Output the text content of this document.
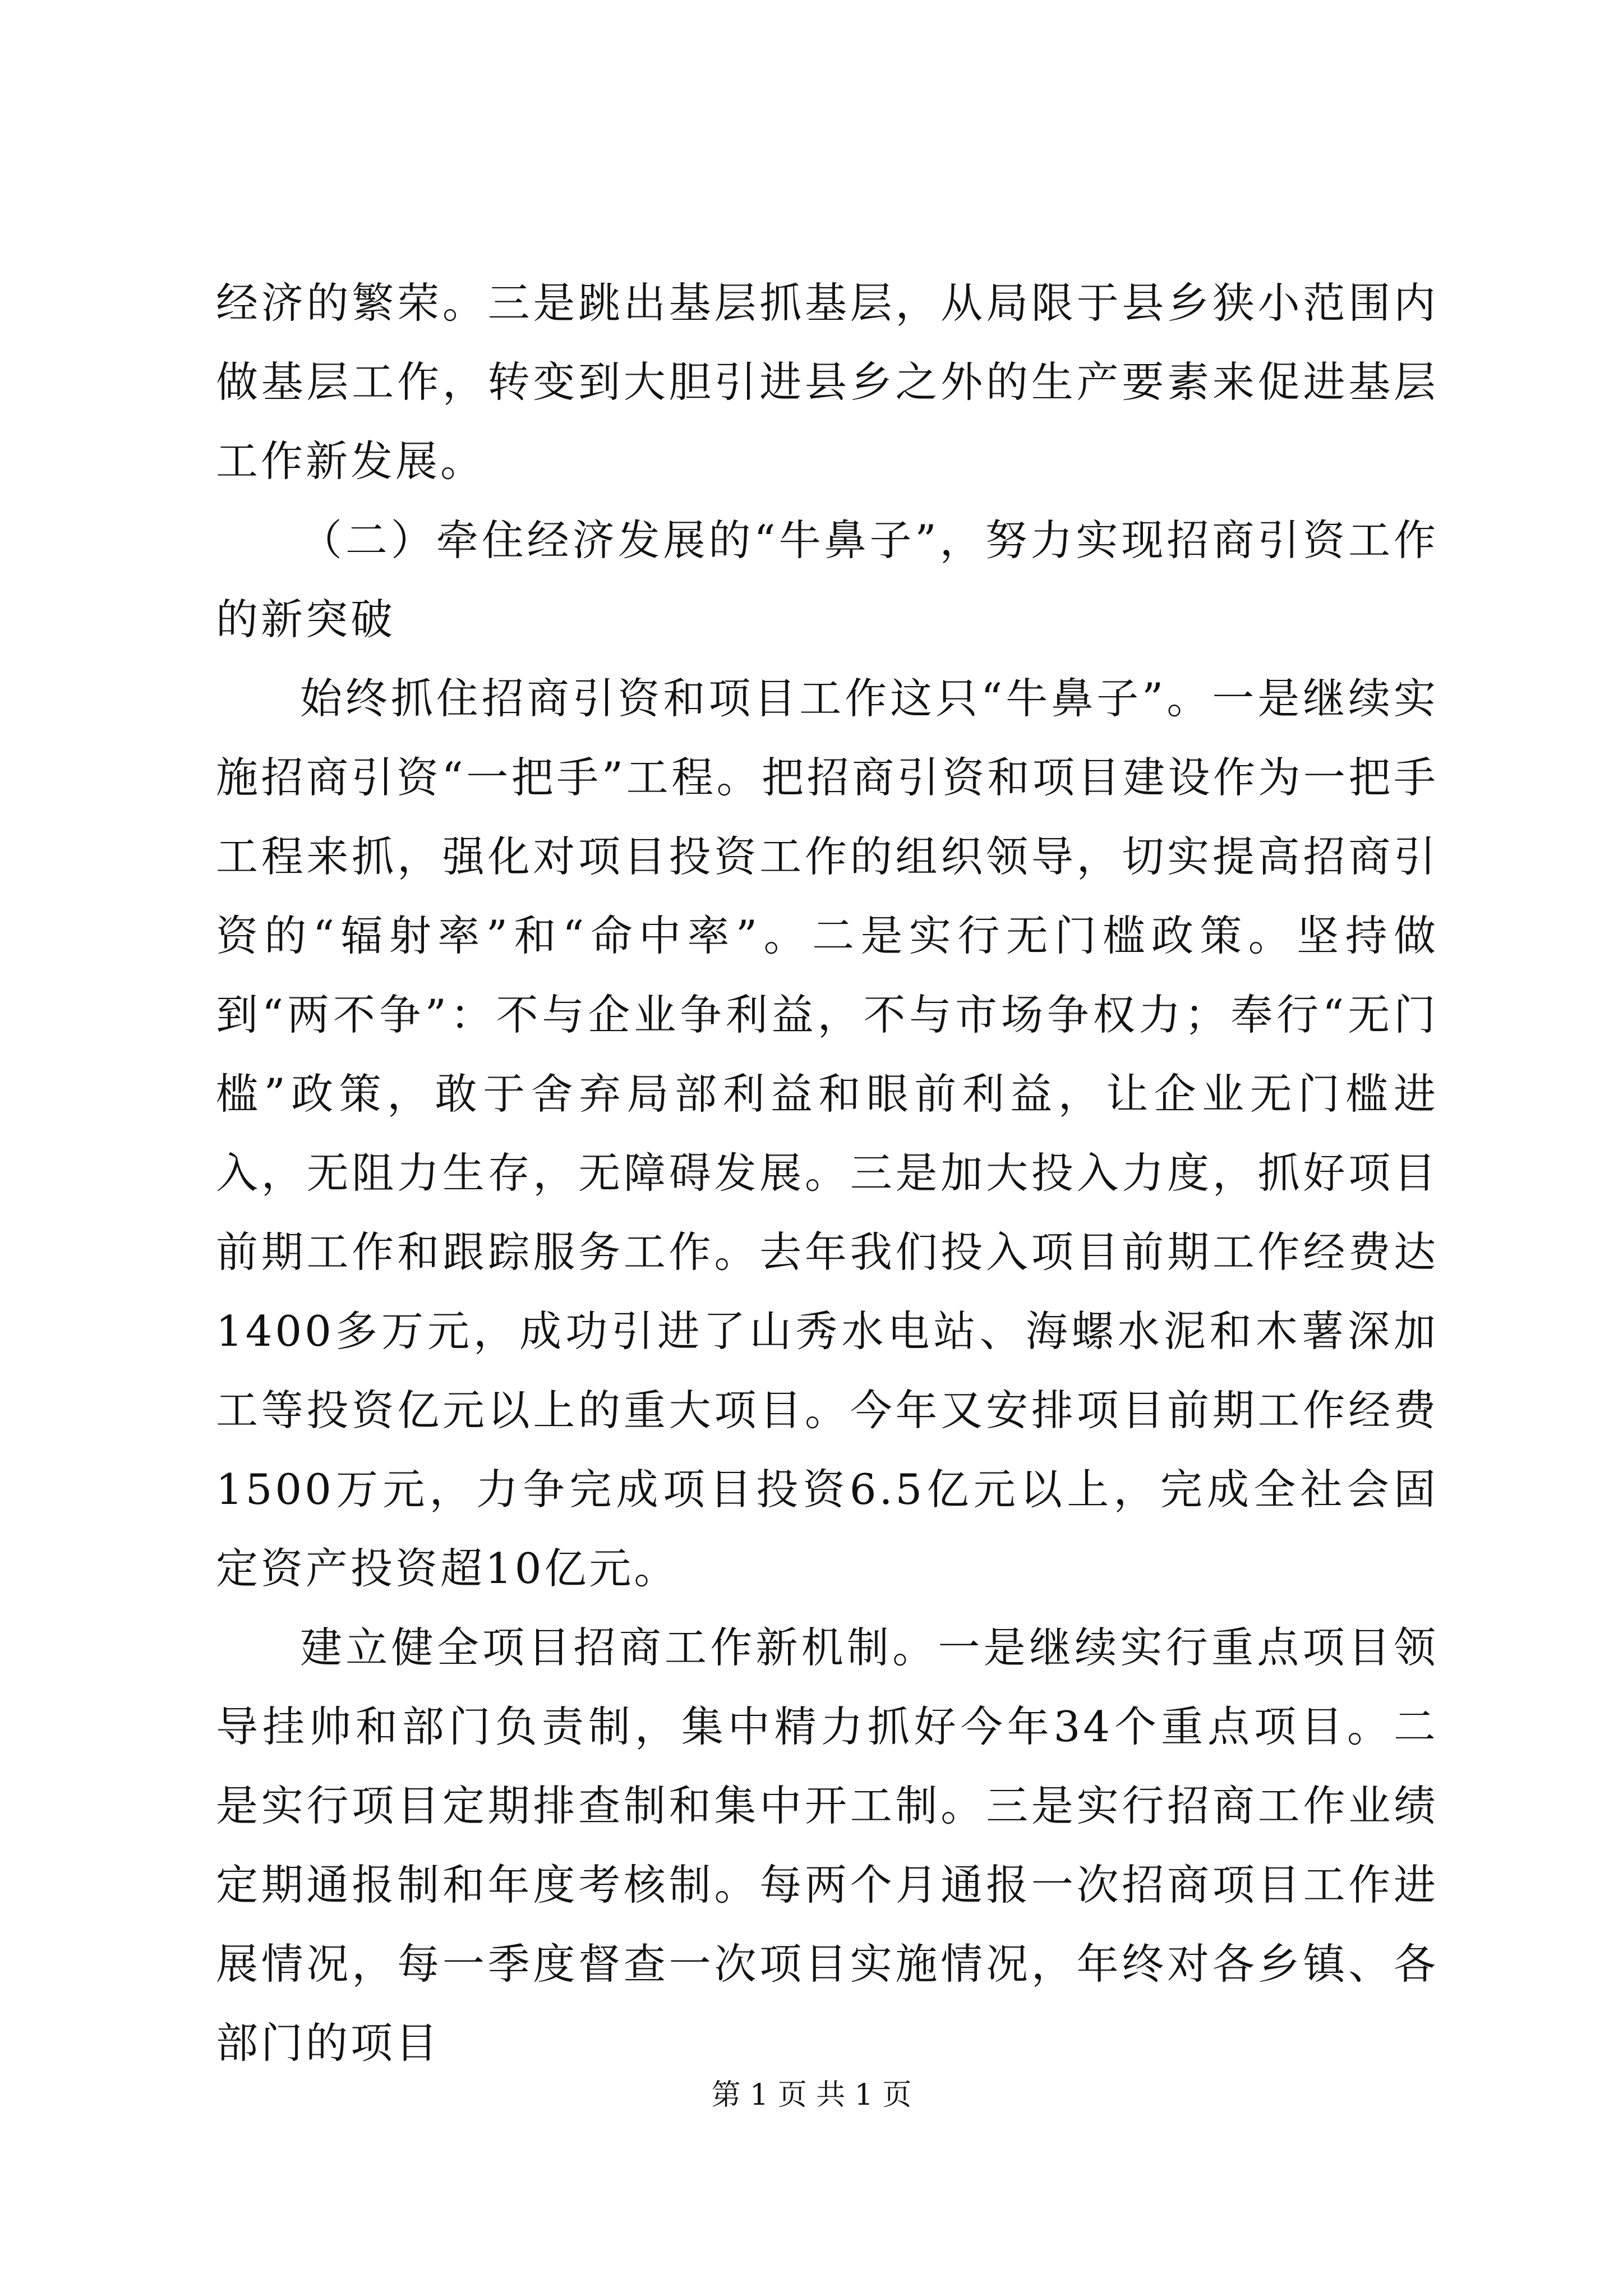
经济的繁荣。三是跳出基层抓基层，从局限于县乡狭小范围内做基层工作，转变到大胆引进县乡之外的生产要素来促进基层工作新发展。

（二）牵住经济发展的“牛鼻子”，努力实现招商引资工作的新突破

始终抓住招商引资和项目工作这只“牛鼻子”。一是继续实施招商引资“一把手”工程。把招商引资和项目建设作为一把手工程来抓，强化对项目投资工作的组织领导，切实提高招商引资的“辐射率”和“命中率”。二是实行无门槛政策。坚持做到“两不争”：不与企业争利益，不与市场争权力；奉行“无门槛”政策，敢于舍弃局部利益和眼前利益，让企业无门槛进入，无阻力生存，无障碍发展。三是加大投入力度，抓好项目前期工作和跟踪服务工作。去年我们投入项目前期工作经费达1400多万元，成功引进了山秀水电站、海螺水泥和木薯深加工等投资亿元以上的重大项目。今年又安排项目前期工作经费1500万元，力争完成项目投资6.5亿元以上，完成全社会固定资产投资超10亿元。

建立健全项目招商工作新机制。一是继续实行重点项目领导挂帅和部门负责制，集中精力抓好今年34个重点项目。二是实行项目定期排查制和集中开工制。三是实行招商工作业绩定期通报制和年度考核制。每两个月通报一次招商项目工作进展情况，每一季度督查一次项目实施情况，年终对各乡镇、各部门的项目

第 1 页 共 1 页
